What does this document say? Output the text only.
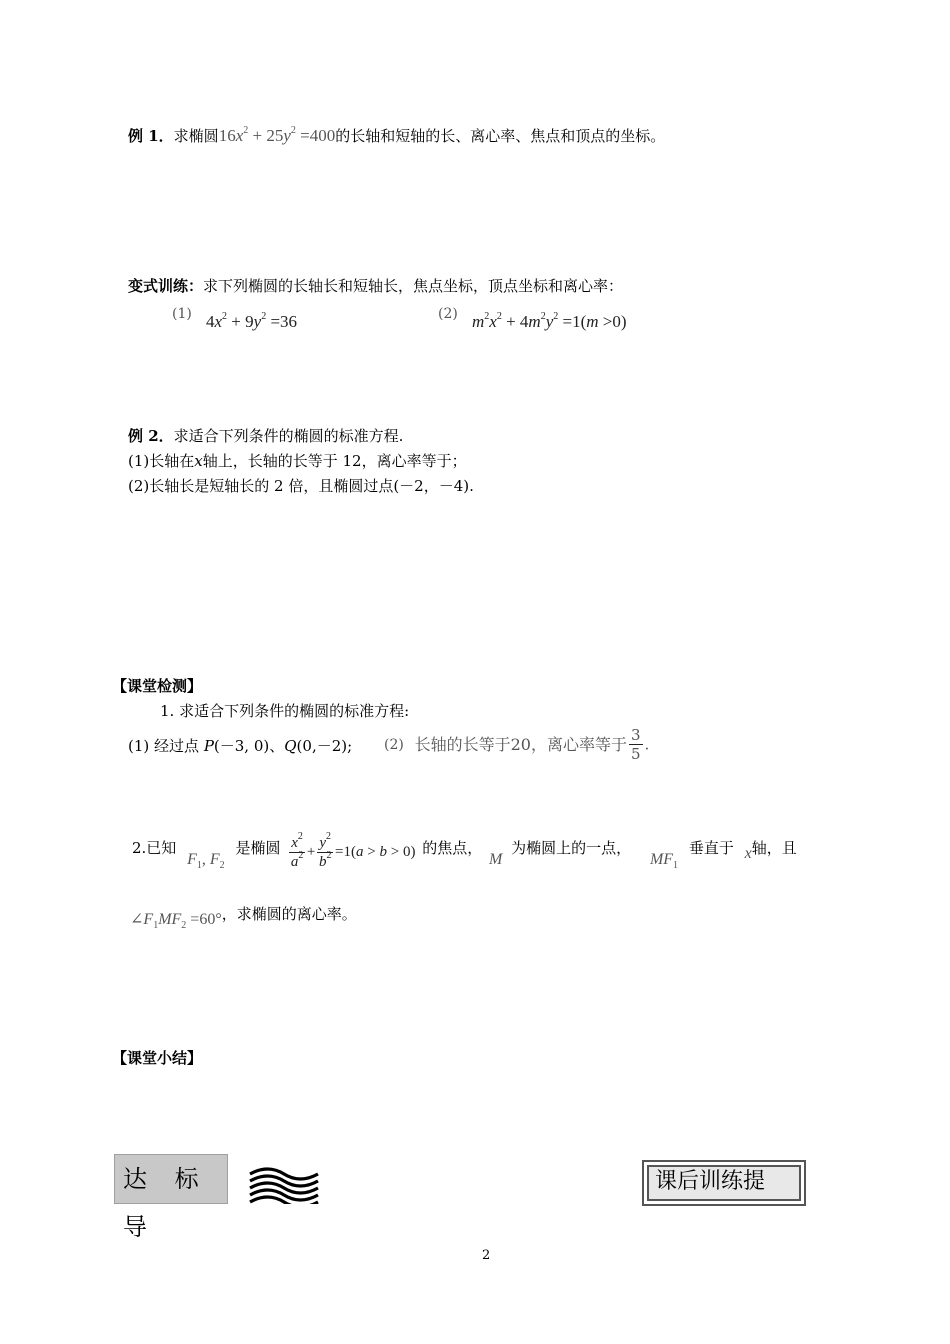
例 1．求椭圆$16x^2 + 25y^2 =400$的长轴和短轴的长、离心率、焦点和顶点的坐标。
变式训练：求下列椭圆的长轴长和短轴长，焦点坐标，顶点坐标和离心率：
(1) $4x^2 + 9y^2 =36$	(2) $m^2x^2 + 4m^2y^2 =1(m >0)$
例 2．求适合下列条件的椭圆的标准方程.
(1)长轴在x轴上，长轴的长等于 12，离心率等于；
(2)长轴长是短轴长的 2 倍，且椭圆过点(－2，－4).
【课堂检测】
1. 求适合下列条件的椭圆的标准方程:
(1) 经过点 P(－3, 0)、Q(0,－2); (2) 长轴的长等于20，离心率等于 $\frac{3}{5}$ .
2.已知 $F_1$, $F_2$ 是椭圆 $\frac{x^2}{a^2} + \frac{y^2}{b^2} =1(a > b > 0)$ 的焦点， M 为椭圆上的一点， $MF_1$ 垂直于 x轴，且
$\angle F_1MF_2 =60^\circ$，求椭圆的离心率。
【课堂小结】
达 标 导
课后训练提
2
